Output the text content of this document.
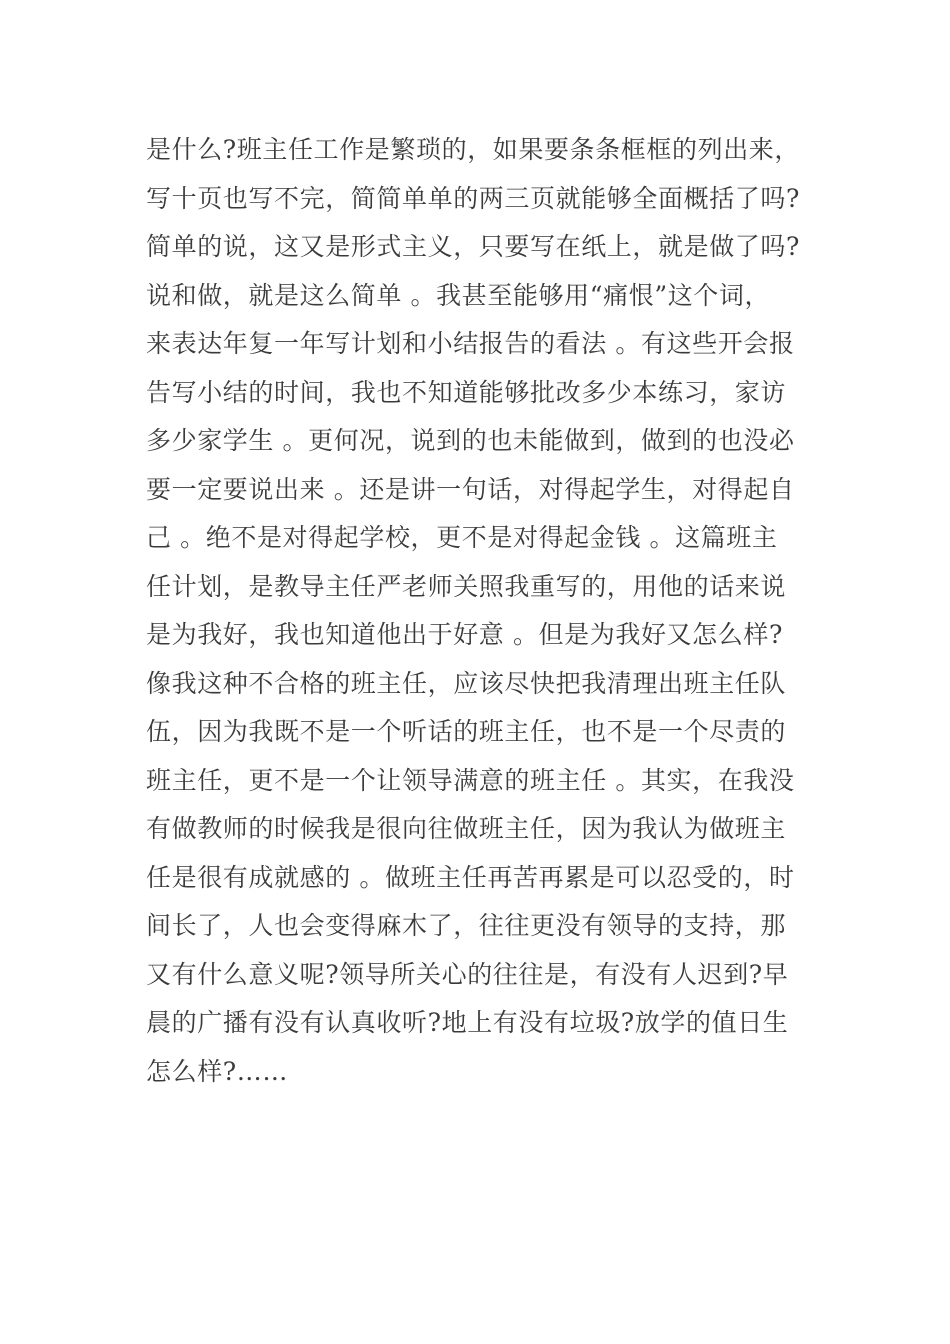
是什么?班主任工作是繁琐的，如果要条条框框的列出来，
写十页也写不完，简简单单的两三页就能够全面概括了吗?
简单的说，这又是形式主义，只要写在纸上，就是做了吗?
说和做，就是这么简单 。我甚至能够用“痛恨”这个词，
来表达年复一年写计划和小结报告的看法 。有这些开会报
告写小结的时间，我也不知道能够批改多少本练习，家访
多少家学生 。更何况，说到的也未能做到，做到的也没必
要一定要说出来 。还是讲一句话，对得起学生，对得起自
己 。绝不是对得起学校，更不是对得起金钱 。这篇班主
任计划，是教导主任严老师关照我重写的，用他的话来说
是为我好，我也知道他出于好意 。但是为我好又怎么样?
像我这种不合格的班主任，应该尽快把我清理出班主任队
伍，因为我既不是一个听话的班主任，也不是一个尽责的
班主任，更不是一个让领导满意的班主任 。其实，在我没
有做教师的时候我是很向往做班主任，因为我认为做班主
任是很有成就感的 。做班主任再苦再累是可以忍受的，时
间长了，人也会变得麻木了，往往更没有领导的支持，那
又有什么意义呢?领导所关心的往往是，有没有人迟到?早
晨的广播有没有认真收听?地上有没有垃圾?放学的值日生
怎么样?……
